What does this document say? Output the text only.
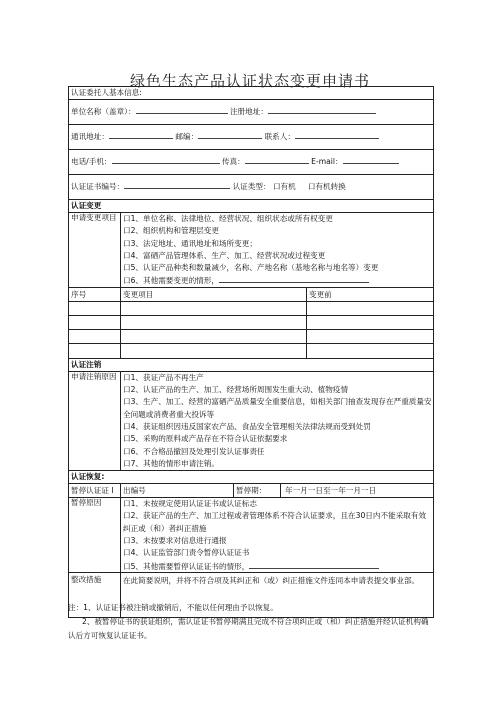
绿色生态产品认证状态变更申请书
认证委托人基本信息:
单位名称（盖章）：	注册地址：
通讯地址：	邮编：	联系人：
电话/手机：	传真：	E-mail：
认证证书编号：	认证类型： 口有机 口有机转换
认证变更
申请变更项目 口1、单位名称、法律地位、经营状况、组织状态或所有权变更
口2、组织机构和管理层变更
口3、法定地址、通讯地址和场所变更；
口4、富硒产品管理体系、生产、加工、经营状况或过程变更
口5、认证产品种类和数量减少，名称、产地名称（基地名称与地名等）变更
口6、其他需要变更的情形，
序号	变更项目	变更前
认证注销
申请注销原因 口1、获证产品不再生产
口2、认证产品的生产、加工、经营场所周围发生重大动、植物疫情
口3、生产、加工、经营的富硒产品质量安全重要信息，如相关部门抽查发现存在严重质量安全问题或消费者重大投诉等
口4、获证组织因违反国家农产品、食品安全管理相关法律法规而受到处罚
口5、采购的原料或产品存在不符合认证依据要求
口6、不合格品撤回及处理引发认证事责任
口7、其他的情形申请注销。
认证恢复:
暂停认证证 I	出编号	暂停期：	年一月一日至一年一月一日
暂停原因	口1、未按规定使用认证证书或认证标志
口2、获证产品的生产、加工过程或者管理体系不符合认证要求，且在30日内不能采取有效纠正或（和）者纠正措施
口3、未按要求对信息进行通报
口4、认证监管部门责令暂停认证证书
口5、其他需要暂停认证证书的情形，
整改措施	在此简要说明，并将不符合项及其纠正和（或）纠正措施文件连同本申请表提交事业部。

注：1、认证证书被注销或撤销后，不能以任何理由予以恢复。

2、被暂停证书的获证组织，需认证证书暂停期满且完成不符合项纠正或（和）纠正措施并经认证机构确认后方可恢复认证证书。
